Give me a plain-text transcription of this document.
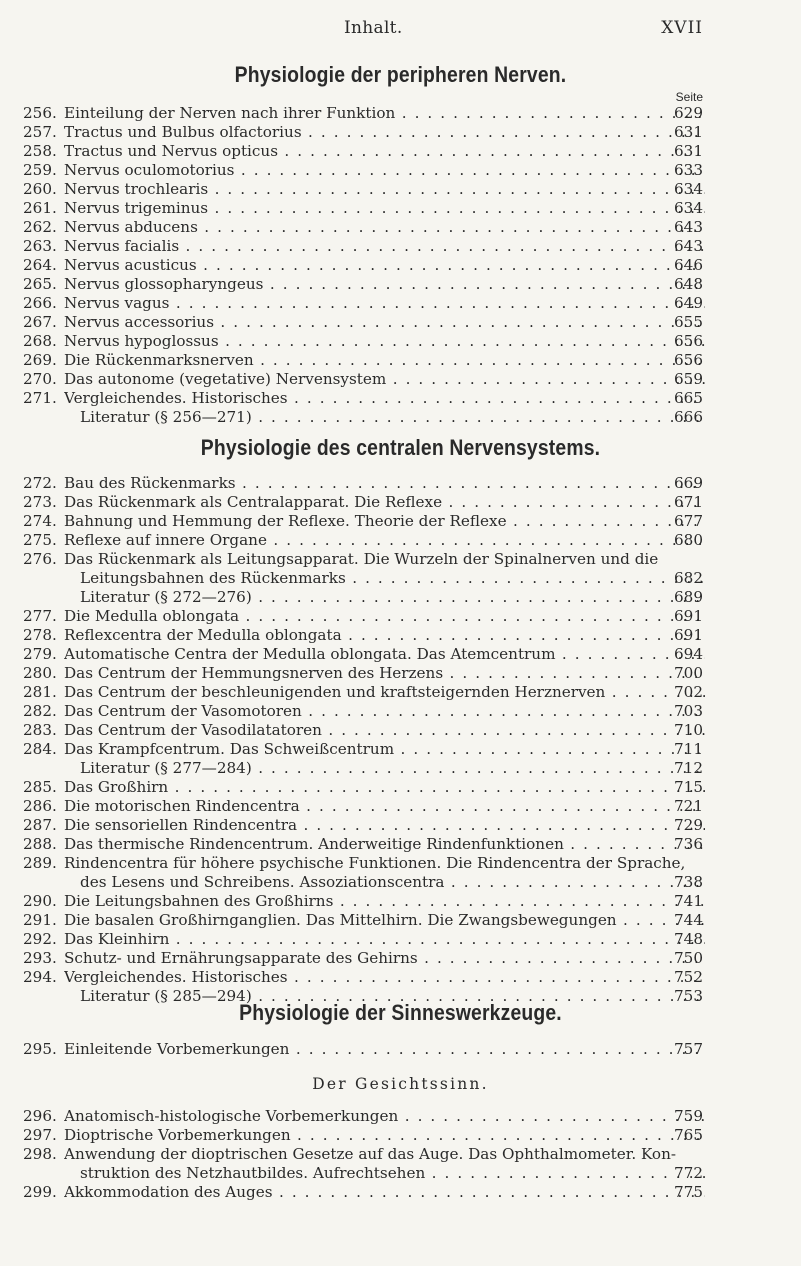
Inhalt.	XVII
Physiologie der peripheren Nerven.
Seite
256. Einteilung der Nerven nach ihrer Funktion . . .	629
257. Tractus und Bulbus olfactorius . . .	631
258. Tractus und Nervus opticus . . .	631
259. Nervus oculomotorius . . .	633
260. Nervus trochlearis . . .	634
261. Nervus trigeminus . . .	634
262. Nervus abducens . . .	643
263. Nervus facialis . . .	643
264. Nervus acusticus . . .	646
265. Nervus glossopharyngeus . . .	648
266. Nervus vagus . . .	649
267. Nervus accessorius . . .	655
268. Nervus hypoglossus . . .	656
269. Die Rückenmarksnerven . . .	656
270. Das autonome (vegetative) Nervensystem . . .	659
271. Vergleichendes. Historisches . . .	665
Literatur (§ 256—271) . . .	666
Physiologie des centralen Nervensystems.
272. Bau des Rückenmarks . . .	669
273. Das Rückenmark als Centralapparat. Die Reflexe . . .	671
274. Bahnung und Hemmung der Reflexe. Theorie der Reflexe . . .	677
275. Reflexe auf innere Organe . . .	680
276. Das Rückenmark als Leitungsapparat. Die Wurzeln der Spinalnerven und die
Leitungsbahnen des Rückenmarks . . .	682
Literatur (§ 272—276) . . .	689
277. Die Medulla oblongata . . .	691
278. Reflexcentra der Medulla oblongata . . .	691
279. Automatische Centra der Medulla oblongata. Das Atemcentrum . . .	694
280. Das Centrum der Hemmungsnerven des Herzens . . .	700
281. Das Centrum der beschleunigenden und kraftsteigernden Herznerven . . .	702
282. Das Centrum der Vasomotoren . . .	703
283. Das Centrum der Vasodilatatoren . . .	710
284. Das Krampfcentrum. Das Schweißcentrum . . .	711
Literatur (§ 277—284) . . .	712
285. Das Großhirn . . .	715
286. Die motorischen Rindencentra . . .	721
287. Die sensoriellen Rindencentra . . .	729
288. Das thermische Rindencentrum. Anderweitige Rindenfunktionen . . .	736
289. Rindencentra für höhere psychische Funktionen. Die Rindencentra der Sprache,
des Lesens und Schreibens. Assoziationscentra . . .	738
290. Die Leitungsbahnen des Großhirns . . .	741
291. Die basalen Großhirnganglien. Das Mittelhirn. Die Zwangsbewegungen . . .	744
292. Das Kleinhirn . . .	748
293. Schutz- und Ernährungsapparate des Gehirns . . .	750
294. Vergleichendes. Historisches . . .	752
Literatur (§ 285—294) . . .	753
Physiologie der Sinneswerkzeuge.
295. Einleitende Vorbemerkungen . . .	757
Der Gesichtssinn.
296. Anatomisch-histologische Vorbemerkungen . . .	759
297. Dioptrische Vorbemerkungen . . .	765
298. Anwendung der dioptrischen Gesetze auf das Auge. Das Ophthalmometer. Kon-
struktion des Netzhautbildes. Aufrechtsehen . . .	772
299. Akkommodation des Auges . . .	775
